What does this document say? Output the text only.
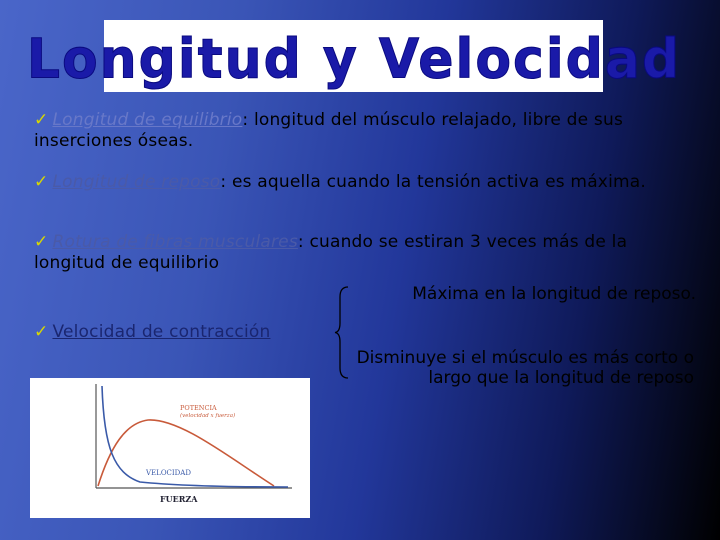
Longitud y Velocidad
✓ Longitud de equilibrio: longitud del músculo relajado, libre de sus inserciones óseas.
✓ Longitud de reposo: es aquella cuando la tensión activa es máxima.
✓ Rotura de fibras musculares: cuando se estiran 3 veces más de la longitud de equilibrio
Máxima en la longitud de reposo.
✓ Velocidad de contracción
Disminuye si el músculo es más corto o largo que la longitud de reposo
POTENCIA
(velocidad x fuerza)
VELOCIDAD
FUERZA
